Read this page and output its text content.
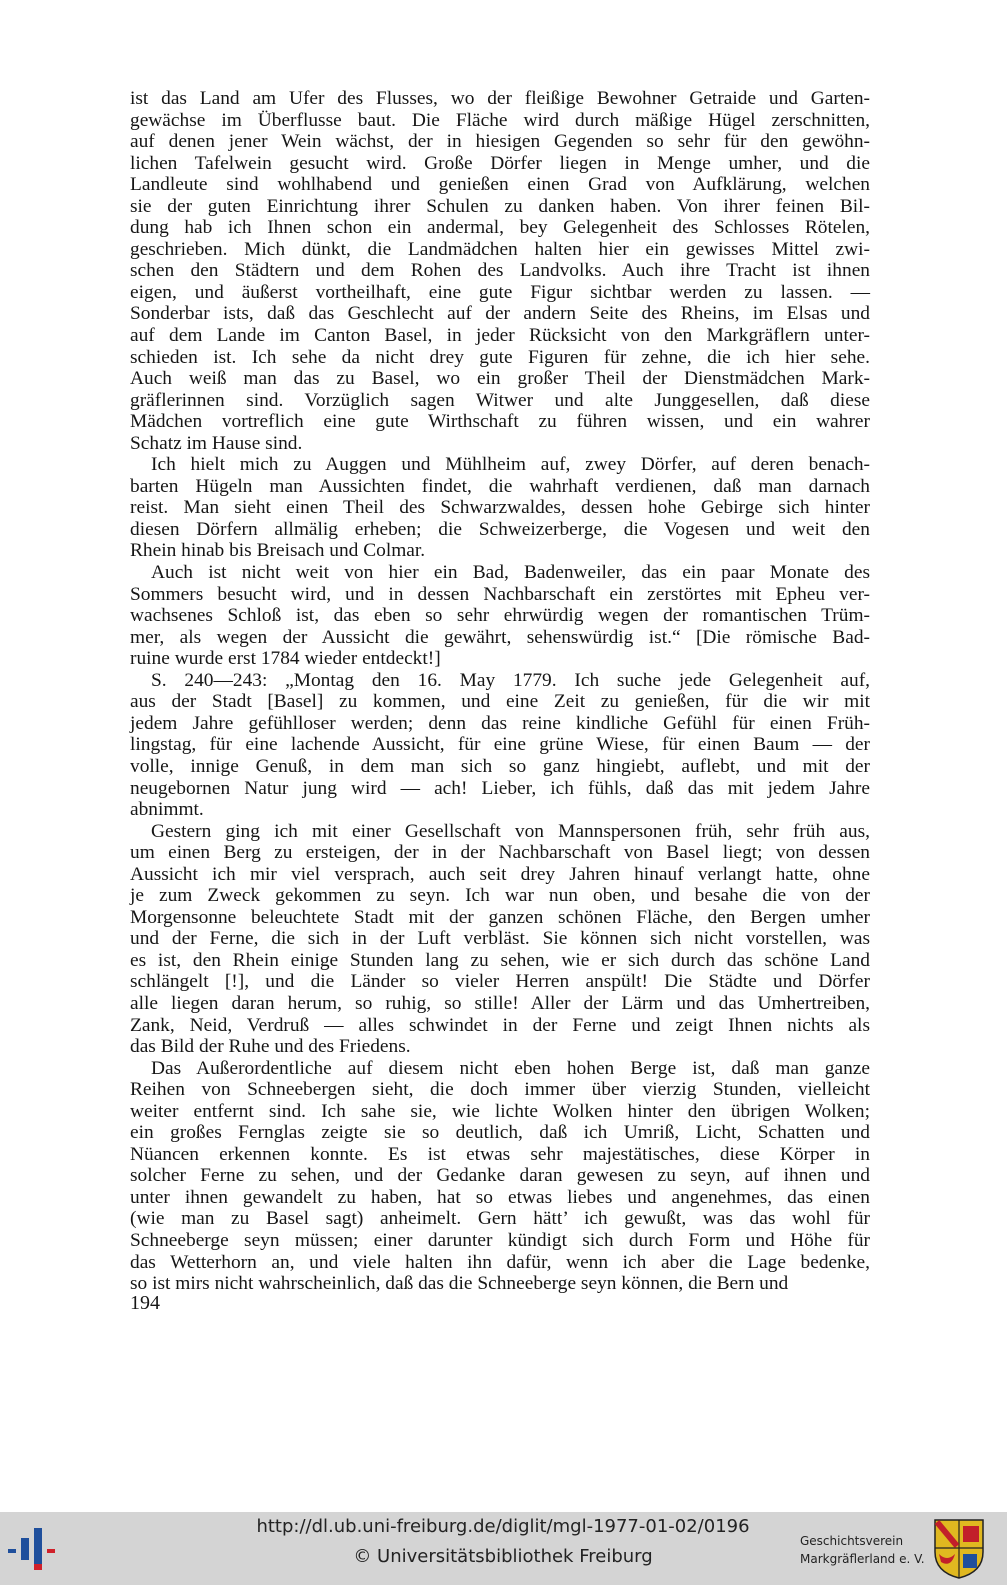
ist das Land am Ufer des Flusses, wo der fleißige Bewohner Getraide und Garten-
gewächse im Überflusse baut. Die Fläche wird durch mäßige Hügel zerschnitten,
auf denen jener Wein wächst, der in hiesigen Gegenden so sehr für den gewöhn-
lichen Tafelwein gesucht wird. Große Dörfer liegen in Menge umher, und die
Landleute sind wohlhabend und genießen einen Grad von Aufklärung, welchen
sie der guten Einrichtung ihrer Schulen zu danken haben. Von ihrer feinen Bil-
dung hab ich Ihnen schon ein andermal, bey Gelegenheit des Schlosses Rötelen,
geschrieben. Mich dünkt, die Landmädchen halten hier ein gewisses Mittel zwi-
schen den Städtern und dem Rohen des Landvolks. Auch ihre Tracht ist ihnen
eigen, und äußerst vortheilhaft, eine gute Figur sichtbar werden zu lassen. —
Sonderbar ists, daß das Geschlecht auf der andern Seite des Rheins, im Elsas und
auf dem Lande im Canton Basel, in jeder Rücksicht von den Markgräflern unter-
schieden ist. Ich sehe da nicht drey gute Figuren für zehne, die ich hier sehe.
Auch weiß man das zu Basel, wo ein großer Theil der Dienstmädchen Mark-
gräflerinnen sind. Vorzüglich sagen Witwer und alte Junggesellen, daß diese
Mädchen vortreflich eine gute Wirthschaft zu führen wissen, und ein wahrer
Schatz im Hause sind.
Ich hielt mich zu Auggen und Mühlheim auf, zwey Dörfer, auf deren benach-
barten Hügeln man Aussichten findet, die wahrhaft verdienen, daß man darnach
reist. Man sieht einen Theil des Schwarzwaldes, dessen hohe Gebirge sich hinter
diesen Dörfern allmälig erheben; die Schweizerberge, die Vogesen und weit den
Rhein hinab bis Breisach und Colmar.
Auch ist nicht weit von hier ein Bad, Badenweiler, das ein paar Monate des
Sommers besucht wird, und in dessen Nachbarschaft ein zerstörtes mit Epheu ver-
wachsenes Schloß ist, das eben so sehr ehrwürdig wegen der romantischen Trüm-
mer, als wegen der Aussicht die gewährt, sehenswürdig ist.“ [Die römische Bad-
ruine wurde erst 1784 wieder entdeckt!]
S. 240—243: „Montag den 16. May 1779. Ich suche jede Gelegenheit auf,
aus der Stadt [Basel] zu kommen, und eine Zeit zu genießen, für die wir mit
jedem Jahre gefühlloser werden; denn das reine kindliche Gefühl für einen Früh-
lingstag, für eine lachende Aussicht, für eine grüne Wiese, für einen Baum — der
volle, innige Genuß, in dem man sich so ganz hingiebt, auflebt, und mit der
neugebornen Natur jung wird — ach! Lieber, ich fühls, daß das mit jedem Jahre
abnimmt.
Gestern ging ich mit einer Gesellschaft von Mannspersonen früh, sehr früh aus,
um einen Berg zu ersteigen, der in der Nachbarschaft von Basel liegt; von dessen
Aussicht ich mir viel versprach, auch seit drey Jahren hinauf verlangt hatte, ohne
je zum Zweck gekommen zu seyn. Ich war nun oben, und besahe die von der
Morgensonne beleuchtete Stadt mit der ganzen schönen Fläche, den Bergen umher
und der Ferne, die sich in der Luft verbläst. Sie können sich nicht vorstellen, was
es ist, den Rhein einige Stunden lang zu sehen, wie er sich durch das schöne Land
schlängelt [!], und die Länder so vieler Herren anspült! Die Städte und Dörfer
alle liegen daran herum, so ruhig, so stille! Aller der Lärm und das Umhertreiben,
Zank, Neid, Verdruß — alles schwindet in der Ferne und zeigt Ihnen nichts als
das Bild der Ruhe und des Friedens.
Das Außerordentliche auf diesem nicht eben hohen Berge ist, daß man ganze
Reihen von Schneebergen sieht, die doch immer über vierzig Stunden, vielleicht
weiter entfernt sind. Ich sahe sie, wie lichte Wolken hinter den übrigen Wolken;
ein großes Fernglas zeigte sie so deutlich, daß ich Umriß, Licht, Schatten und
Nüancen erkennen konnte. Es ist etwas sehr majestätisches, diese Körper in
solcher Ferne zu sehen, und der Gedanke daran gewesen zu seyn, auf ihnen und
unter ihnen gewandelt zu haben, hat so etwas liebes und angenehmes, das einen
(wie man zu Basel sagt) anheimelt. Gern hätt’ ich gewußt, was das wohl für
Schneeberge seyn müssen; einer darunter kündigt sich durch Form und Höhe für
das Wetterhorn an, und viele halten ihn dafür, wenn ich aber die Lage bedenke,
so ist mirs nicht wahrscheinlich, daß das die Schneeberge seyn können, die Bern und
194
http://dl.ub.uni-freiburg.de/diglit/mgl-1977-01-02/0196
© Universitätsbibliothek Freiburg
Geschichtsverein
Markgräflerland e. V.
